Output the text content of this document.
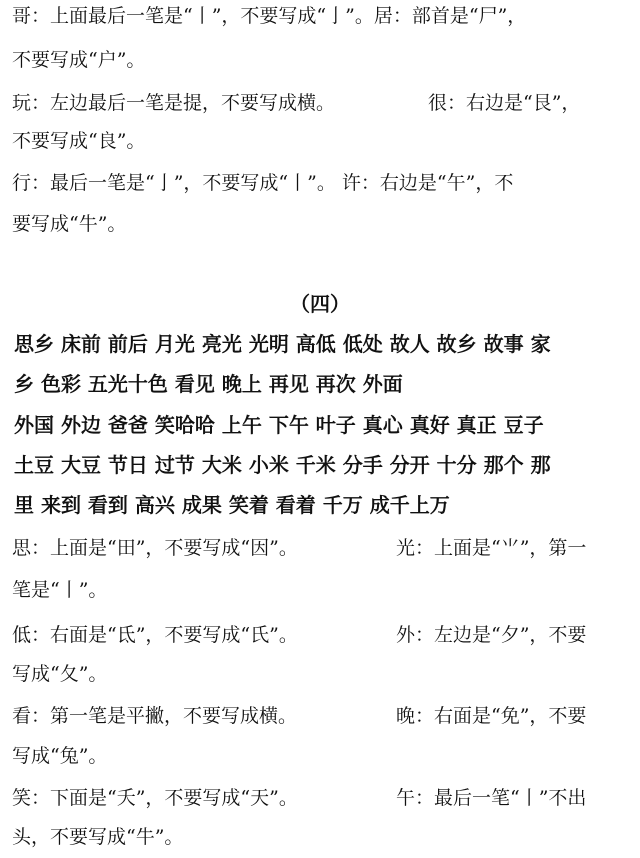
哥：上面最后一笔是“丨”，不要写成“亅”。居：部首是“尸”，
不要写成“户”。
玩：左边最后一笔是提，不要写成横。	很：右边是“艮”，
不要写成“良”。
行：最后一笔是“亅”，不要写成“丨”。 许：右边是“午”，不
要写成“牛”。
（四）
思乡 床前 前后 月光 亮光 光明 高低 低处 故人 故乡 故事 家
乡 色彩 五光十色 看见 晚上 再见 再次 外面
外国 外边 爸爸 笑哈哈 上午 下午 叶子 真心 真好 真正 豆子
土豆 大豆 节日 过节 大米 小米 千米 分手 分开 十分 那个 那
里 来到 看到 高兴 成果 笑着 看着 千万 成千上万
思：上面是“田”，不要写成“因”。	光：上面是“⺌”，第一
笔是“丨”。
低：右面是“氐”，不要写成“氏”。	外：左边是“夕”，不要
写成“夂”。
看：第一笔是平撇，不要写成横。	晚：右面是“免”，不要
写成“兔”。
笑：下面是“夭”，不要写成“天”。	午：最后一笔“丨”不出
头，不要写成“牛”。
